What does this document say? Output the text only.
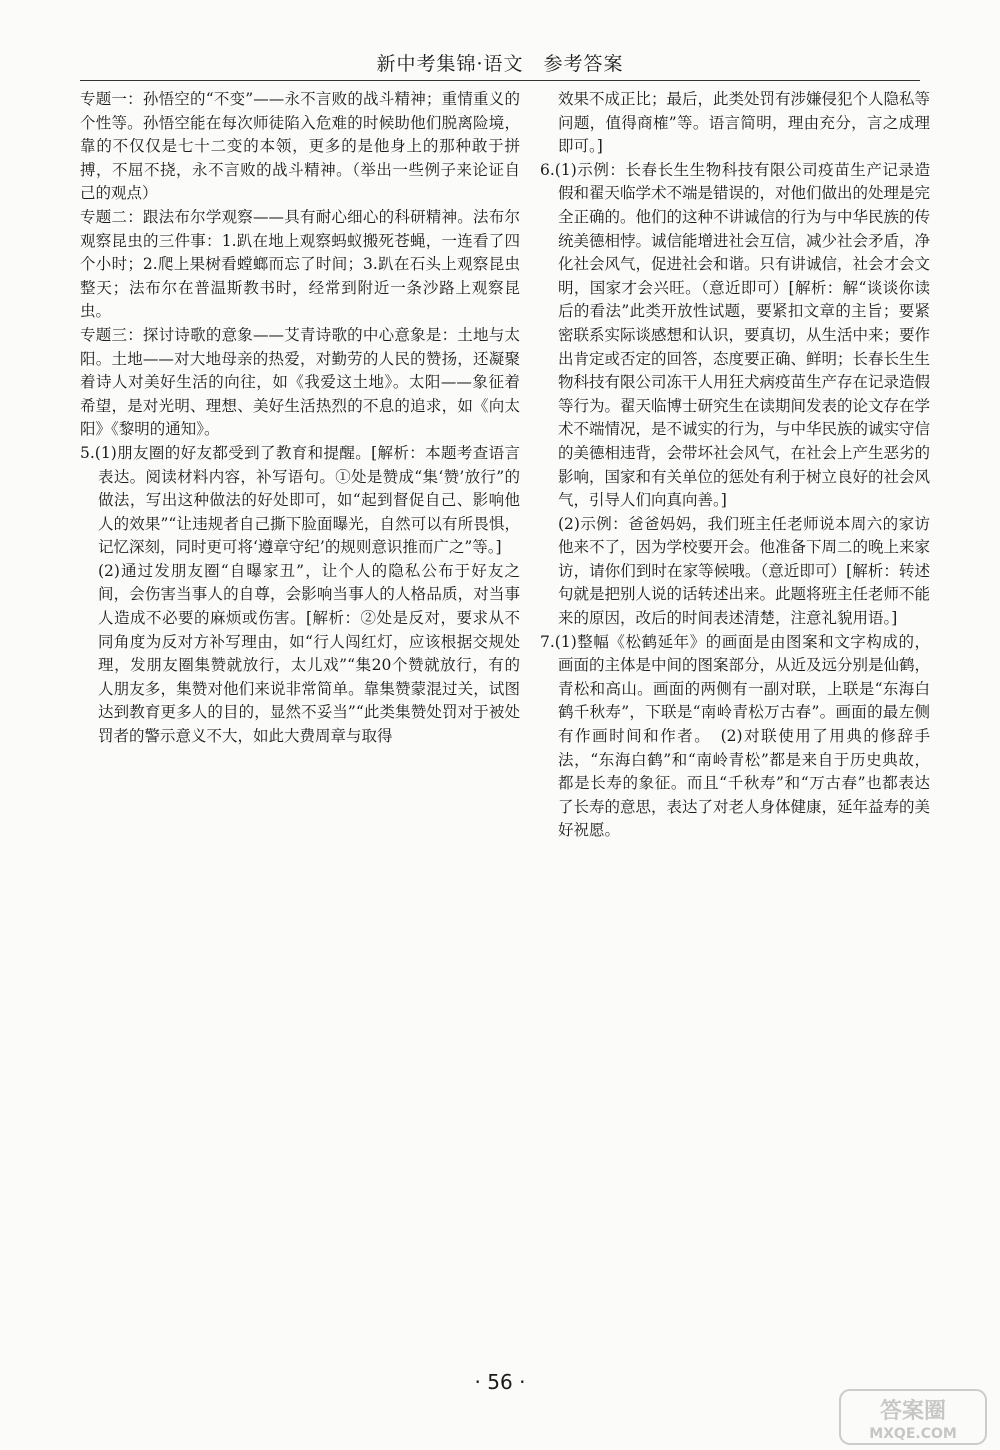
新中考集锦·语文　参考答案

专题一：孙悟空的“不变”——永不言败的战斗精神；重情重义的个性等。孙悟空能在每次师徒陷入危难的时候助他们脱离险境，靠的不仅仅是七十二变的本领，更多的是他身上的那种敢于拼搏，不屈不挠，永不言败的战斗精神。（举出一些例子来论证自己的观点）

专题二：跟法布尔学观察——具有耐心细心的科研精神。法布尔观察昆虫的三件事：1.趴在地上观察蚂蚁搬死苍蝇，一连看了四个小时；2.爬上果树看螳螂而忘了时间；3.趴在石头上观察昆虫整天；法布尔在普温斯教书时，经常到附近一条沙路上观察昆虫。

专题三：探讨诗歌的意象——艾青诗歌的中心意象是：土地与太阳。土地——对大地母亲的热爱，对勤劳的人民的赞扬，还凝聚着诗人对美好生活的向往，如《我爱这土地》。太阳——象征着希望，是对光明、理想、美好生活热烈的不息的追求，如《向太阳》《黎明的通知》。

5.(1)朋友圈的好友都受到了教育和提醒。[解析：本题考查语言表达。阅读材料内容，补写语句。①处是赞成“集‘赞’放行”的做法，写出这种做法的好处即可，如“起到督促自己、影响他人的效果”“让违规者自己撕下脸面曝光，自然可以有所畏惧，记忆深刻，同时更可将‘遵章守纪’的规则意识推而广之”等。]

(2)通过发朋友圈“自曝家丑”，让个人的隐私公布于好友之间，会伤害当事人的自尊，会影响当事人的人格品质，对当事人造成不必要的麻烦或伤害。[解析：②处是反对，要求从不同角度为反对方补写理由，如“行人闯红灯，应该根据交规处理，发朋友圈集赞就放行，太儿戏”“集20个赞就放行，有的人朋友多，集赞对他们来说非常简单。靠集赞蒙混过关，试图达到教育更多人的目的，显然不妥当”“此类集赞处罚对于被处罚者的警示意义不大，如此大费周章与取得

效果不成正比；最后，此类处罚有涉嫌侵犯个人隐私等问题，值得商榷”等。语言简明，理由充分，言之成理即可。]

6.(1)示例：长春长生生物科技有限公司疫苗生产记录造假和翟天临学术不端是错误的，对他们做出的处理是完全正确的。他们的这种不讲诚信的行为与中华民族的传统美德相悖。诚信能增进社会互信，减少社会矛盾，净化社会风气，促进社会和谐。只有讲诚信，社会才会文明，国家才会兴旺。（意近即可）[解析：解“谈谈你读后的看法”此类开放性试题，要紧扣文章的主旨；要紧密联系实际谈感想和认识，要真切，从生活中来；要作出肯定或否定的回答，态度要正确、鲜明；长春长生生物科技有限公司冻干人用狂犬病疫苗生产存在记录造假等行为。翟天临博士研究生在读期间发表的论文存在学术不端情况，是不诚实的行为，与中华民族的诚实守信的美德相违背，会带坏社会风气，在社会上产生恶劣的影响，国家和有关单位的惩处有利于树立良好的社会风气，引导人们向真向善。]

(2)示例：爸爸妈妈，我们班主任老师说本周六的家访他来不了，因为学校要开会。他准备下周二的晚上来家访，请你们到时在家等候哦。（意近即可）[解析：转述句就是把别人说的话转述出来。此题将班主任老师不能来的原因，改后的时间表述清楚，注意礼貌用语。]

7.(1)整幅《松鹤延年》的画面是由图案和文字构成的，画面的主体是中间的图案部分，从近及远分别是仙鹤，青松和高山。画面的两侧有一副对联，上联是“东海白鹤千秋寿”，下联是“南岭青松万古春”。画面的最左侧有作画时间和作者。　(2)对联使用了用典的修辞手法，“东海白鹤”和“南岭青松”都是来自于历史典故，都是长寿的象征。而且“千秋寿”和“万古春”也都表达了长寿的意思，表达了对老人身体健康，延年益寿的美好祝愿。

· 56 ·
答案圈
MXQE.COM
